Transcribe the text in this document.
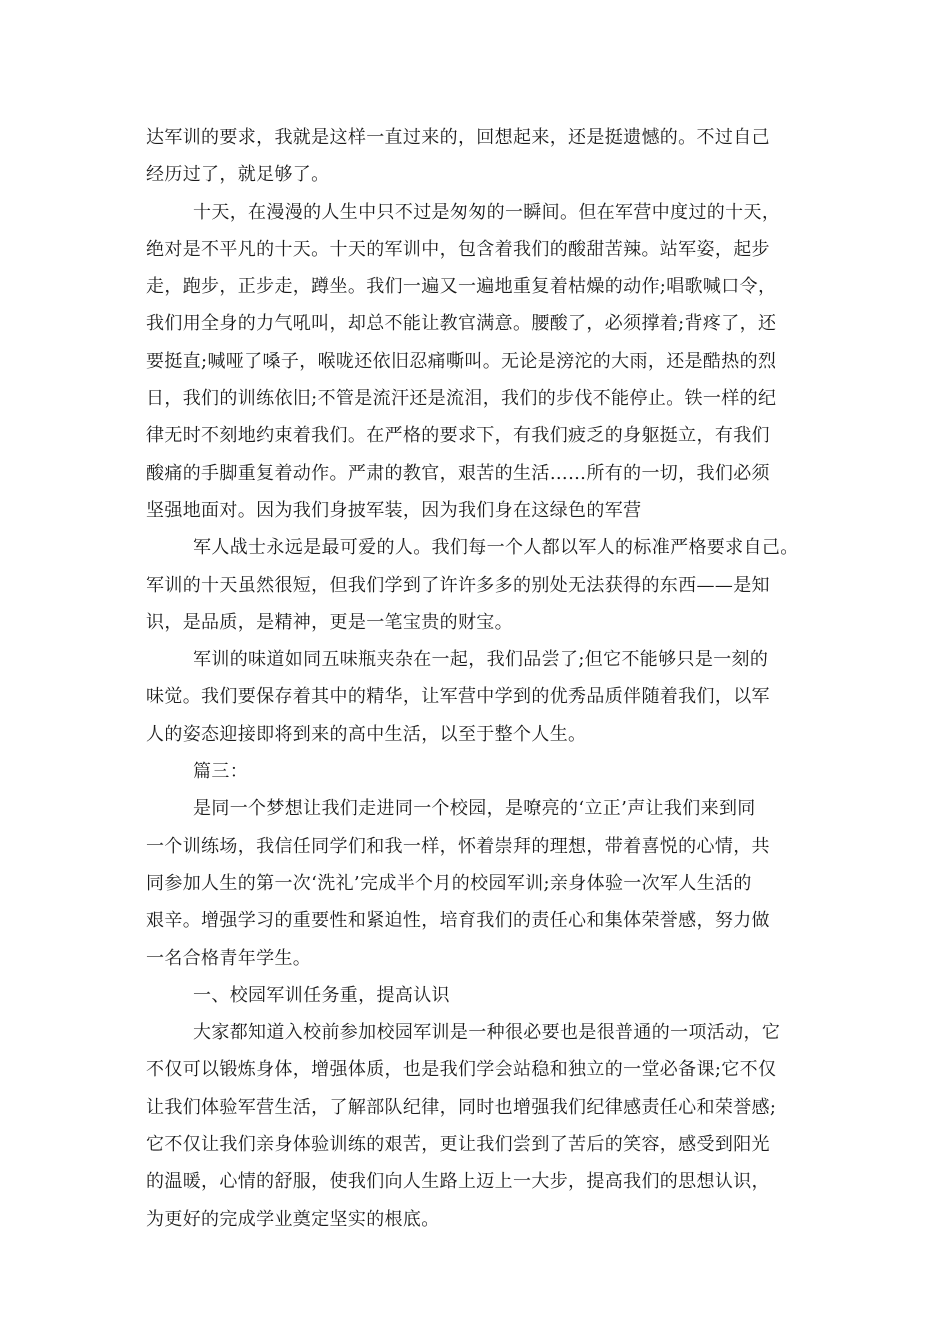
达军训的要求，我就是这样一直过来的，回想起来，还是挺遗憾的。不过自己
经历过了，就足够了。
十天，在漫漫的人生中只不过是匆匆的一瞬间。但在军营中度过的十天，
绝对是不平凡的十天。十天的军训中，包含着我们的酸甜苦辣。站军姿，起步
走，跑步，正步走，蹲坐。我们一遍又一遍地重复着枯燥的动作;唱歌喊口令，
我们用全身的力气吼叫，却总不能让教官满意。腰酸了，必须撑着;背疼了，还
要挺直;喊哑了嗓子，喉咙还依旧忍痛嘶叫。无论是滂沱的大雨，还是酷热的烈
日，我们的训练依旧;不管是流汗还是流泪，我们的步伐不能停止。铁一样的纪
律无时不刻地约束着我们。在严格的要求下，有我们疲乏的身躯挺立，有我们
酸痛的手脚重复着动作。严肃的教官，艰苦的生活……所有的一切，我们必须
坚强地面对。因为我们身披军装，因为我们身在这绿色的军营
军人战士永远是最可爱的人。我们每一个人都以军人的标准严格要求自己。
军训的十天虽然很短，但我们学到了许许多多的别处无法获得的东西——是知
识，是品质，是精神，更是一笔宝贵的财宝。
军训的味道如同五味瓶夹杂在一起，我们品尝了;但它不能够只是一刻的
味觉。我们要保存着其中的精华，让军营中学到的优秀品质伴随着我们，以军
人的姿态迎接即将到来的高中生活，以至于整个人生。
篇三：
是同一个梦想让我们走进同一个校园，是嘹亮的‘立正’声让我们来到同
一个训练场，我信任同学们和我一样，怀着崇拜的理想，带着喜悦的心情，共
同参加人生的第一次‘洗礼’完成半个月的校园军训;亲身体验一次军人生活的
艰辛。增强学习的重要性和紧迫性，培育我们的责任心和集体荣誉感，努力做
一名合格青年学生。
一、校园军训任务重，提高认识
大家都知道入校前参加校园军训是一种很必要也是很普通的一项活动，它
不仅可以锻炼身体，增强体质，也是我们学会站稳和独立的一堂必备课;它不仅
让我们体验军营生活，了解部队纪律，同时也增强我们纪律感责任心和荣誉感;
它不仅让我们亲身体验训练的艰苦，更让我们尝到了苦后的笑容，感受到阳光
的温暖，心情的舒服，使我们向人生路上迈上一大步，提高我们的思想认识，
为更好的完成学业奠定坚实的根底。
